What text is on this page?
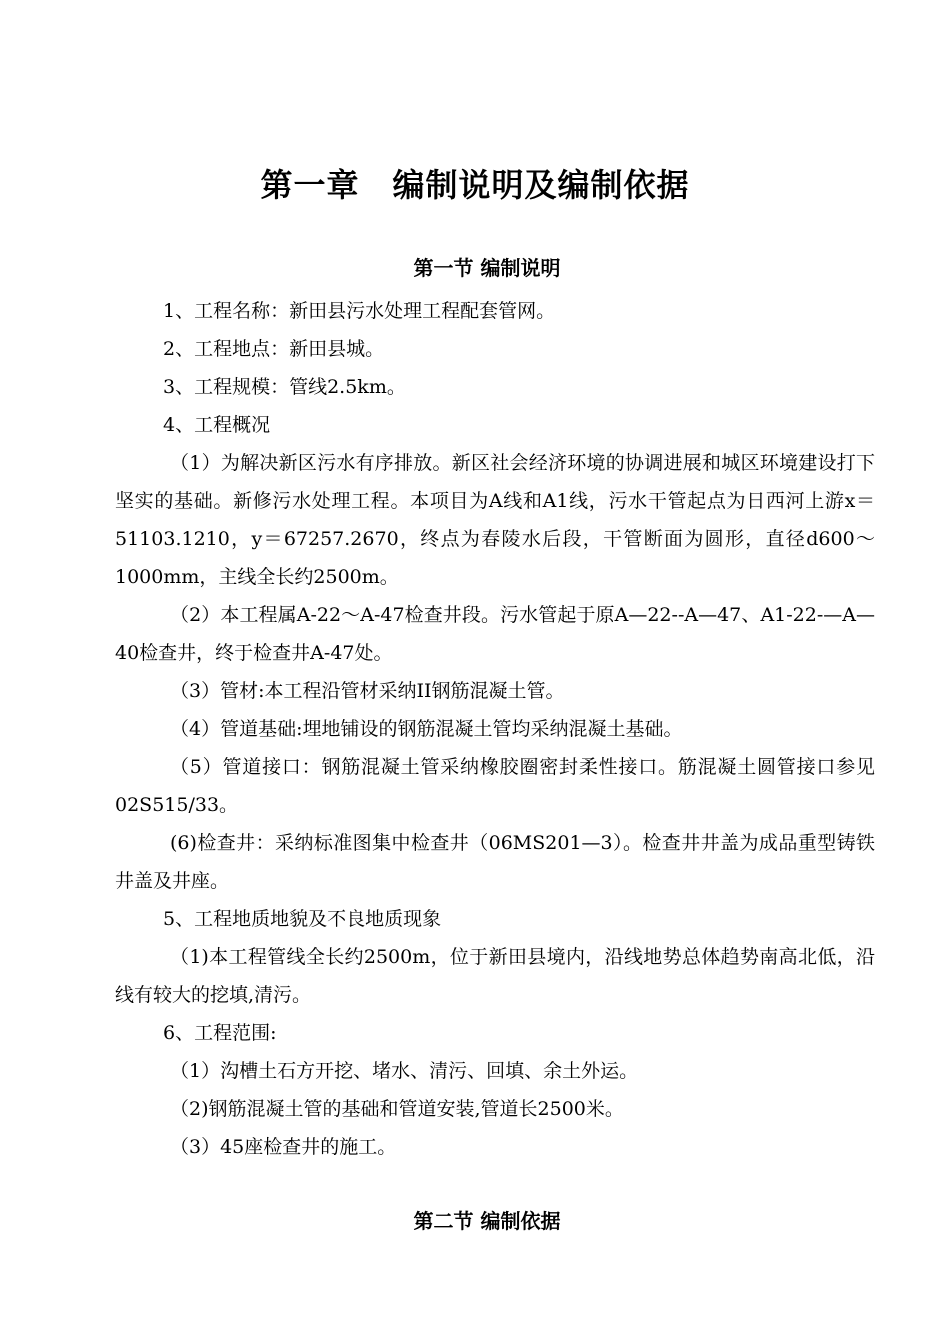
第一章　编制说明及编制依据
第一节 编制说明

1、工程名称：新田县污水处理工程配套管网。

2、工程地点：新田县城。

3、工程规模：管线2.5km。

4、工程概况

（1）为解决新区污水有序排放。新区社会经济环境的协调进展和城区环境建设打下坚实的基础。新修污水处理工程。本项目为A线和A1线，污水干管起点为日西河上游x＝51103.1210，y＝67257.2670，终点为春陵水后段，干管断面为圆形，直径d600～1000mm，主线全长约2500m。

（2）本工程属A-22～A-47检查井段。污水管起于原A—22--A—47、A1-22-—A—40检查井，终于检查井A-47处。

（3）管材:本工程沿管材采纳II钢筋混凝土管。

（4）管道基础:埋地铺设的钢筋混凝土管均采纳混凝土基础。

（5）管道接口：钢筋混凝土管采纳橡胶圈密封柔性接口。筋混凝土圆管接口参见02S515/33。

(6)检查井：采纳标准图集中检查井（06MS201—3）。检查井井盖为成品重型铸铁井盖及井座。

5、工程地质地貌及不良地质现象

（1)本工程管线全长约2500m，位于新田县境内，沿线地势总体趋势南高北低，沿线有较大的挖填,清污。

6、工程范围:

（1）沟槽土石方开挖、堵水、清污、回填、余土外运。

（2)钢筋混凝土管的基础和管道安装,管道长2500米。

（3）45座检查井的施工。

第二节 编制依据
